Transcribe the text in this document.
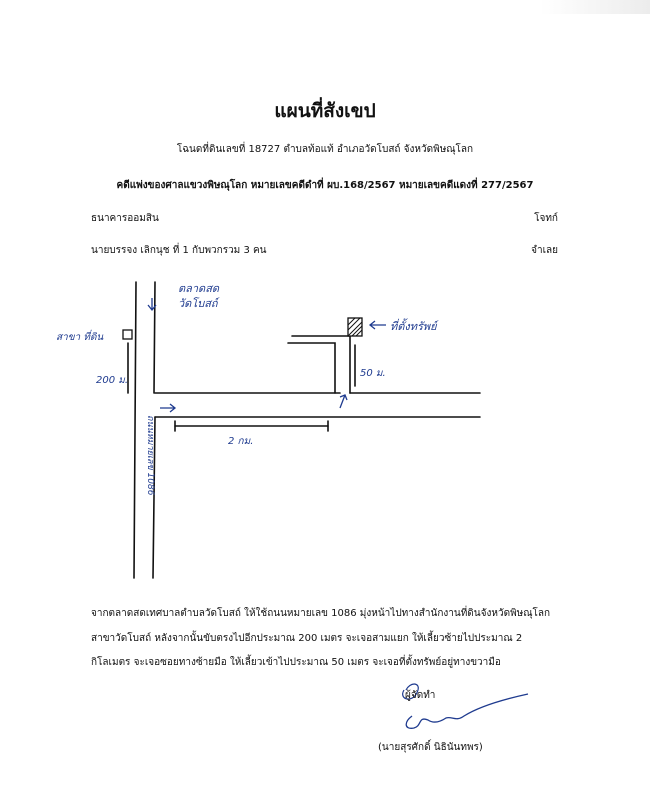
แผนที่สังเขป
โฉนดที่ดินเลขที่ 18727 ตำบลท้อแท้ อำเภอวัดโบสถ์ จังหวัดพิษณุโลก
คดีแพ่งของศาลแขวงพิษณุโลก หมายเลขคดีดำที่ ผบ.168/2567 หมายเลขคดีแดงที่ 277/2567
ธนาคารออมสิน	โจทก์
นายบรรจง เลิกนุช ที่ 1 กับพวกรวม 3 คน	จำเลย
ตลาดสด
วัดโบสถ์
สาขา ที่ดิน
ที่ตั้งทรัพย์
200 ม.
50 ม.
2 กม.
ถนนหมายเลข 1086
จากตลาดสดเทศบาลตำบลวัดโบสถ์ ให้ใช้ถนนหมายเลข 1086 มุ่งหน้าไปทางสำนักงานที่ดินจังหวัดพิษณุโลก
สาขาวัดโบสถ์ หลังจากนั้นขับตรงไปอีกประมาณ 200 เมตร จะเจอสามแยก ให้เลี้ยวซ้ายไปประมาณ 2
กิโลเมตร จะเจอซอยทางซ้ายมือ ให้เลี้ยวเข้าไปประมาณ 50 เมตร จะเจอที่ตั้งทรัพย์อยู่ทางขวามือ
ผู้จัดทำ
(นายสุรศักดิ์ นิธินันทพร)
